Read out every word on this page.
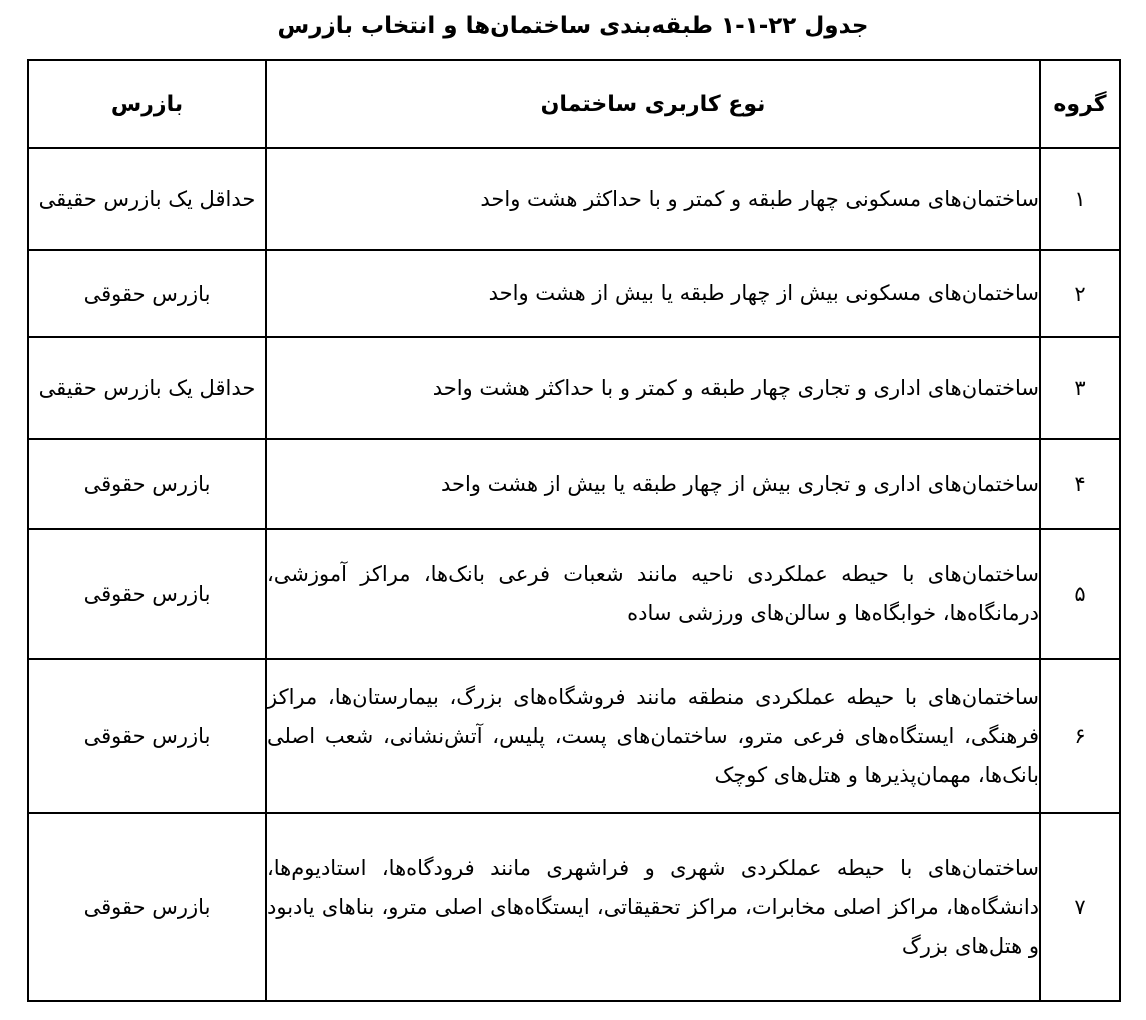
جدول ۲۲-۱-۱ طبقه‌بندی ساختمان‌ها و انتخاب بازرس
گروه	نوع کاربری ساختمان	بازرس
۱	ساختمان‌های مسکونی چهار طبقه و کمتر و با حداکثر هشت واحد	حداقل یک بازرس حقیقی
۲	ساختمان‌های مسکونی بیش از چهار طبقه یا بیش از هشت واحد	بازرس حقوقی
۳	ساختمان‌های اداری و تجاری چهار طبقه و کمتر و با حداکثر هشت واحد	حداقل یک بازرس حقیقی
۴	ساختمان‌های اداری و تجاری بیش از چهار طبقه یا بیش از هشت واحد	بازرس حقوقی
۵	ساختمان‌های با حیطه عملکردی ناحیه مانند شعبات فرعی بانک‌ها، مراکز آموزشی، درمانگاه‌ها، خوابگاه‌ها و سالن‌های ورزشی ساده	بازرس حقوقی
۶	ساختمان‌های با حیطه عملکردی منطقه مانند فروشگاه‌های بزرگ، بیمارستان‌ها، مراکز فرهنگی، ایستگاه‌های فرعی مترو، ساختمان‌های پست، پلیس، آتش‌نشانی، شعب اصلی بانک‌ها، مهمان‌پذیرها و هتل‌های کوچک	بازرس حقوقی
۷	ساختمان‌های با حیطه عملکردی شهری و فراشهری مانند فرودگاه‌ها، استادیوم‌ها، دانشگاه‌ها، مراکز اصلی مخابرات، مراکز تحقیقاتی، ایستگاه‌های اصلی مترو، بناهای یادبود و هتل‌های بزرگ	بازرس حقوقی
